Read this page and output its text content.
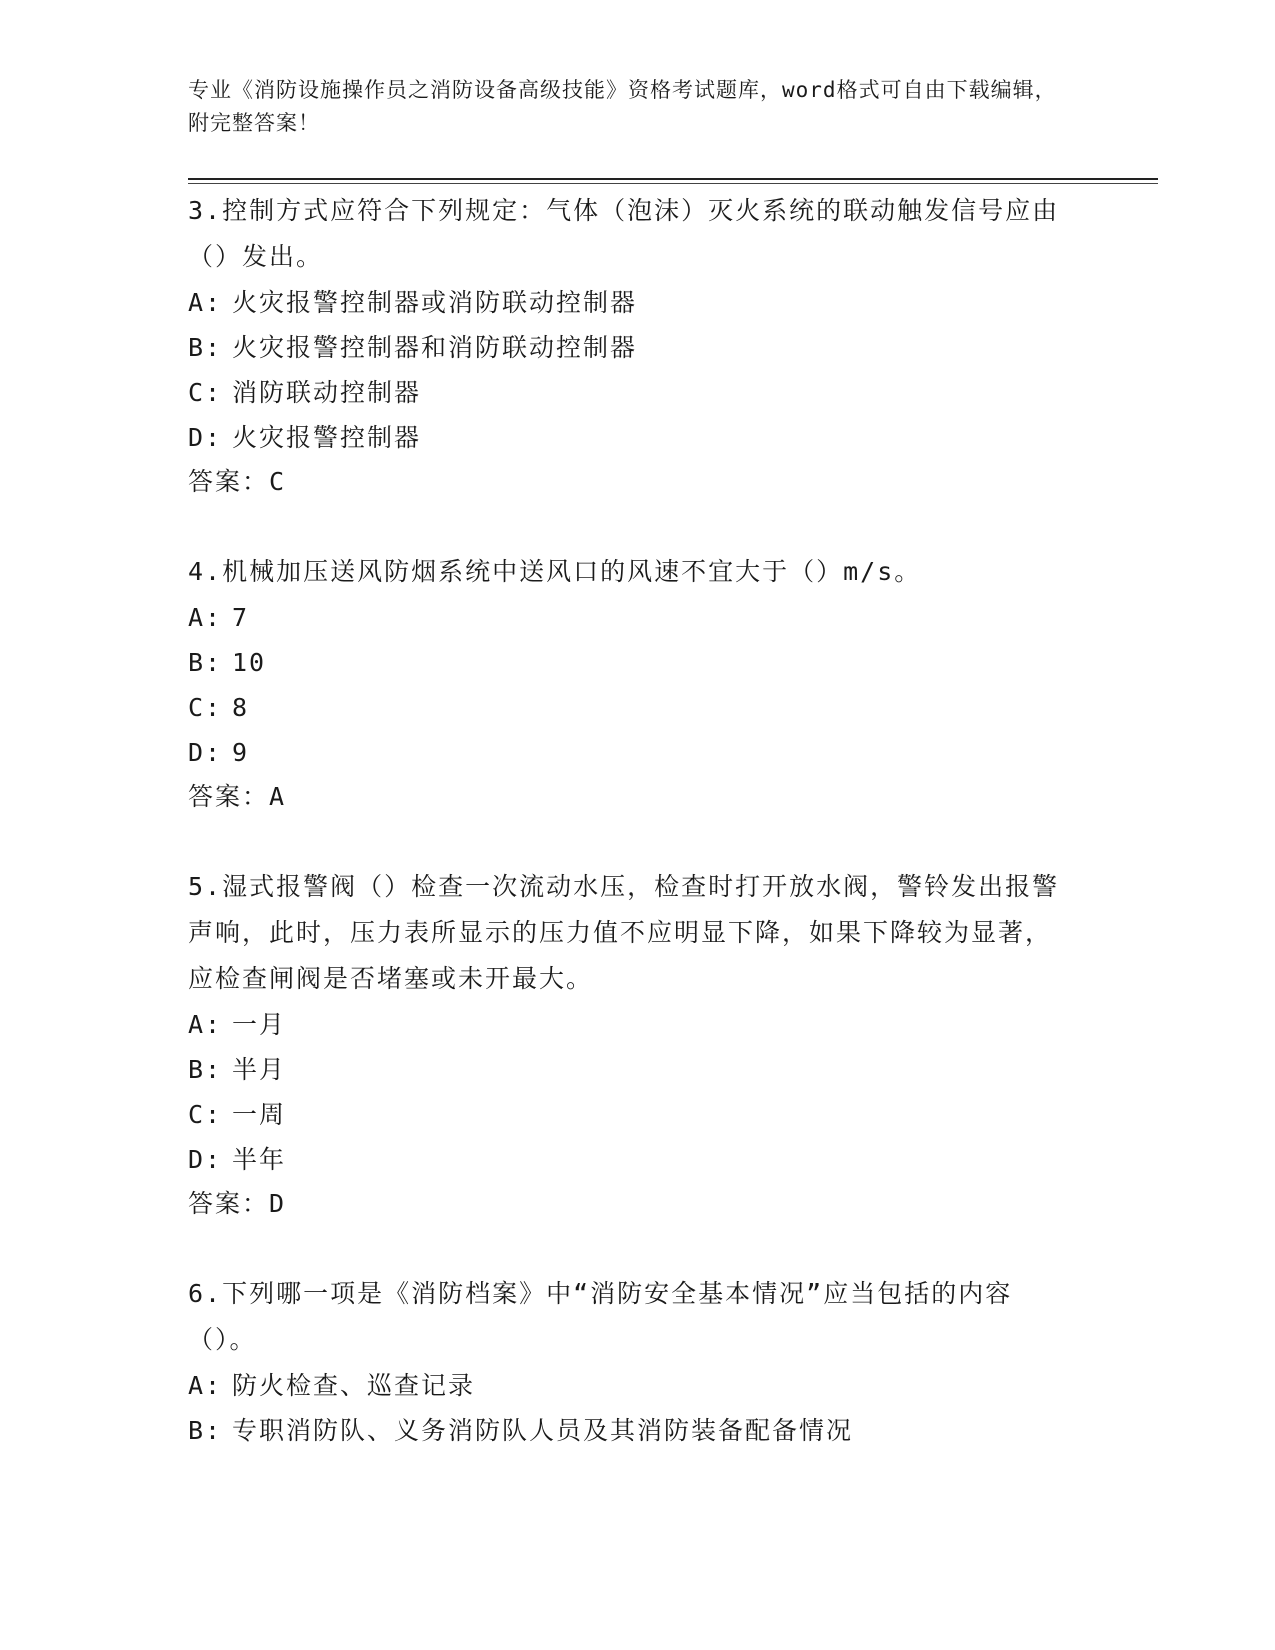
专业《消防设施操作员之消防设备高级技能》资格考试题库，word格式可自由下载编辑，附完整答案！

3.控制方式应符合下列规定：气体（泡沫）灭火系统的联动触发信号应由（）发出。

A: 火灾报警控制器或消防联动控制器

B: 火灾报警控制器和消防联动控制器

C: 消防联动控制器

D: 火灾报警控制器

答案：C

4.机械加压送风防烟系统中送风口的风速不宜大于（）m/s。

A: 7

B: 10

C: 8

D: 9

答案：A

5.湿式报警阀（）检查一次流动水压，检查时打开放水阀，警铃发出报警声响，此时，压力表所显示的压力值不应明显下降，如果下降较为显著，应检查闸阀是否堵塞或未开最大。

A: 一月

B: 半月

C: 一周

D: 半年

答案：D

6.下列哪一项是《消防档案》中“消防安全基本情况”应当包括的内容（）。

A: 防火检查、巡查记录

B: 专职消防队、义务消防队人员及其消防装备配备情况
